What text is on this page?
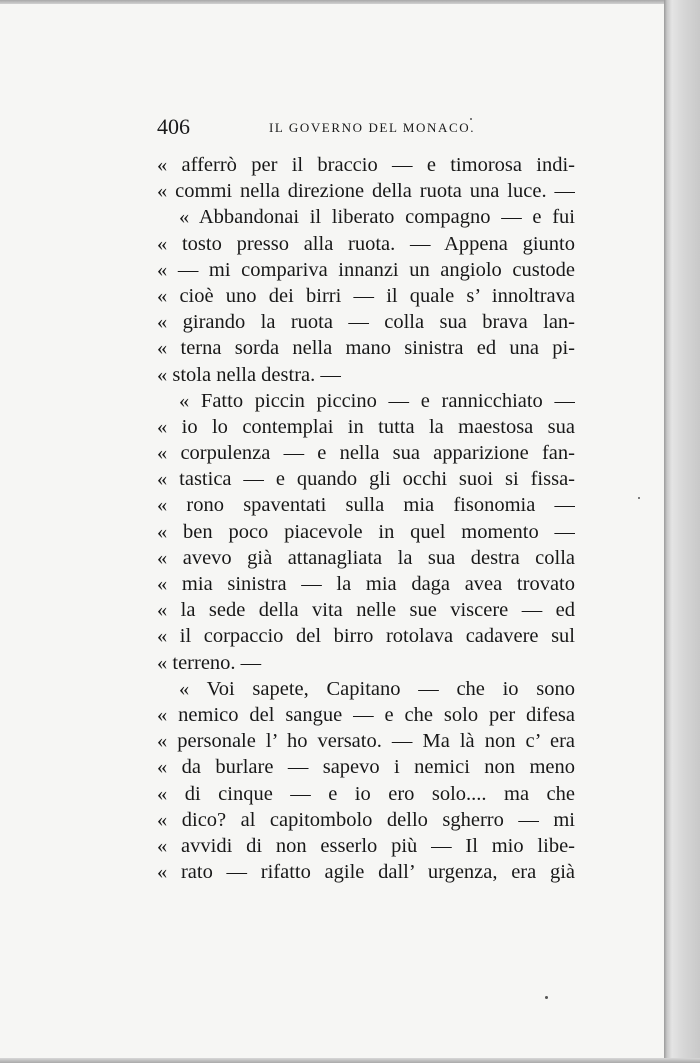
406	IL GOVERNO DEL MONACO.
« afferrò per il braccio — e timorosa indi-
« commi nella direzione della ruota una luce. —
« Abbandonai il liberato compagno — e fui
« tosto presso alla ruota. — Appena giunto
« — mi compariva innanzi un angiolo custode
« cioè uno dei birri — il quale s’ innoltrava
« girando la ruota — colla sua brava lan-
« terna sorda nella mano sinistra ed una pi-
« stola nella destra. —
« Fatto piccin piccino — e rannicchiato —
« io lo contemplai in tutta la maestosa sua
« corpulenza — e nella sua apparizione fan-
« tastica — e quando gli occhi suoi si fissa-
« rono spaventati sulla mia fisonomia —
« ben poco piacevole in quel momento —
« avevo già attanagliata la sua destra colla
« mia sinistra — la mia daga avea trovato
« la sede della vita nelle sue viscere — ed
« il corpaccio del birro rotolava cadavere sul
« terreno. —
« Voi sapete, Capitano — che io sono
« nemico del sangue — e che solo per difesa
« personale l’ ho versato. — Ma là non c’ era
« da burlare — sapevo i nemici non meno
« di cinque — e io ero solo.... ma che
« dico? al capitombolo dello sgherro — mi
« avvidi di non esserlo più — Il mio libe-
« rato — rifatto agile dall’ urgenza, era già
